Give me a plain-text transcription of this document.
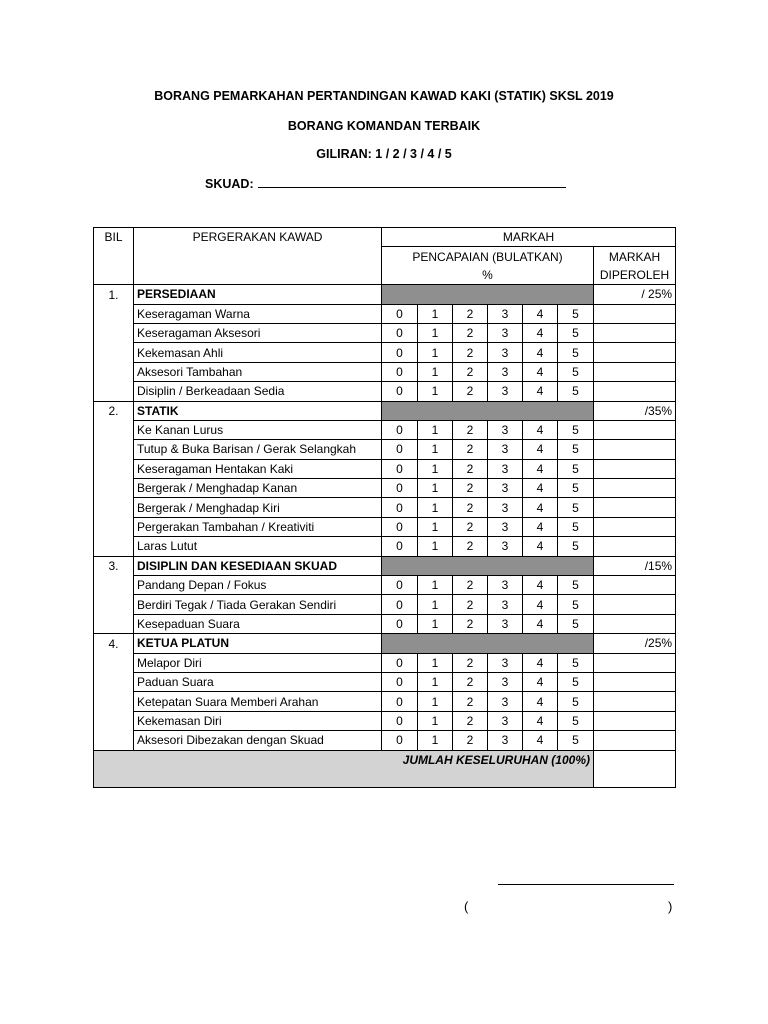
BORANG PEMARKAHAN PERTANDINGAN KAWAD KAKI (STATIK) SKSL 2019
BORANG KOMANDAN TERBAIK
GILIRAN: 1 / 2 / 3 / 4 / 5
SKUAD:
BIL	PERGERAKAN KAWAD	MARKAH						
		PENCAPAIAN (BULATKAN)						MARKAH
		%						DIPEROLEH
1.	PERSEDIAAN							/ 25%
	Keseragaman Warna	0	1	2	3	4	5	
	Keseragaman Aksesori	0	1	2	3	4	5	
	Kekemasan Ahli	0	1	2	3	4	5	
	Aksesori Tambahan	0	1	2	3	4	5	
	Disiplin / Berkeadaan Sedia	0	1	2	3	4	5	
2.	STATIK							/35%
	Ke Kanan Lurus	0	1	2	3	4	5	
	Tutup & Buka Barisan / Gerak Selangkah	0	1	2	3	4	5	
	Keseragaman Hentakan Kaki	0	1	2	3	4	5	
	Bergerak / Menghadap Kanan	0	1	2	3	4	5	
	Bergerak / Menghadap Kiri	0	1	2	3	4	5	
	Pergerakan Tambahan / Kreativiti	0	1	2	3	4	5	
	Laras Lutut	0	1	2	3	4	5	
3.	DISIPLIN DAN KESEDIAAN SKUAD							/15%
	Pandang Depan / Fokus	0	1	2	3	4	5	
	Berdiri Tegak / Tiada Gerakan Sendiri	0	1	2	3	4	5	
	Kesepaduan Suara	0	1	2	3	4	5	
4.	KETUA PLATUN							/25%
	Melapor Diri	0	1	2	3	4	5	
	Paduan Suara	0	1	2	3	4	5	
	Ketepatan Suara Memberi Arahan	0	1	2	3	4	5	
	Kekemasan Diri	0	1	2	3	4	5	
	Aksesori Dibezakan dengan Skuad	0	1	2	3	4	5	
JUMLAH KESELURUHAN (100%)								
(	)
